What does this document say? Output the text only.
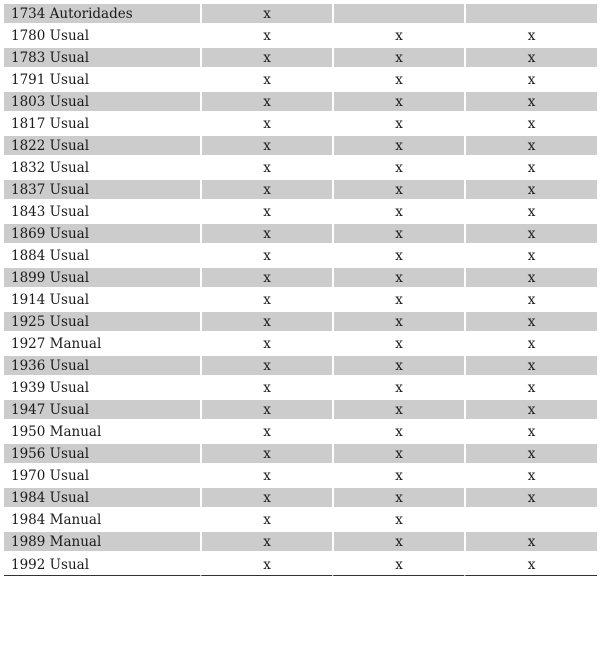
1734 Autoridades	x		
1780 Usual	x	x	x
1783 Usual	x	x	x
1791 Usual	x	x	x
1803 Usual	x	x	x
1817 Usual	x	x	x
1822 Usual	x	x	x
1832 Usual	x	x	x
1837 Usual	x	x	x
1843 Usual	x	x	x
1869 Usual	x	x	x
1884 Usual	x	x	x
1899 Usual	x	x	x
1914 Usual	x	x	x
1925 Usual	x	x	x
1927 Manual	x	x	x
1936 Usual	x	x	x
1939 Usual	x	x	x
1947 Usual	x	x	x
1950 Manual	x	x	x
1956 Usual	x	x	x
1970 Usual	x	x	x
1984 Usual	x	x	x
1984 Manual	x	x	
1989 Manual	x	x	x
1992 Usual	x	x	x
